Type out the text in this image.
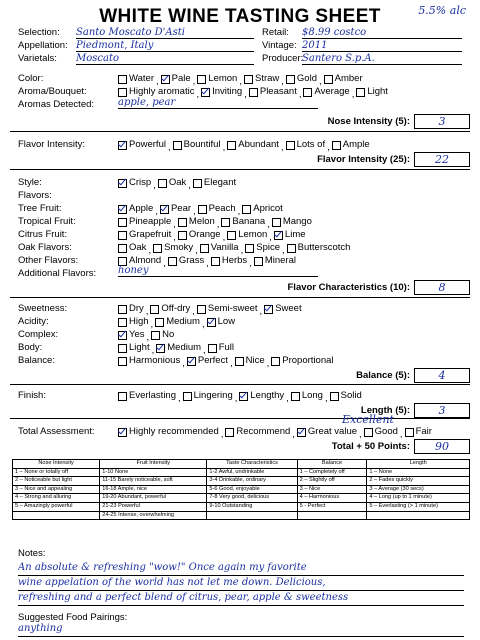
WHITE WINE TASTING SHEET	5.5% alc
Selection: Santo Moscato D'Asti
Appellation: Piedmont, Italy
Varietals: Moscato
Retail: $8.99 costco
Vintage: 2011
Producer:
Santero S.p.A.
Color:	Water , Pale , Lemon , Straw , Gold , Amber
Aroma/Bouquet:	Highly aromatic , Inviting , Pleasant , Average , Light
Aromas Detected: apple, pear
Nose Intensity (5):	3
Flavor Intensity:	Powerful , Bountiful , Abundant , Lots of , Ample
Flavor Intensity (25):	22
Style:	Crisp , Oak , Elegant
Flavors:
Tree Fruit:	Apple , Pear , Peach , Apricot
Tropical Fruit:	Pineapple , Melon , Banana , Mango
Citrus Fruit:	Grapefruit , Orange , Lemon , Lime
Oak Flavors:	Oak , Smoky , Vanilla , Spice , Butterscotch
Other Flavors:	Almond , Grass , Herbs , Mineral
Additional Flavors: honey
Flavor Characteristics (10):	8
Sweetness:	Dry , Off-dry , Semi-sweet , Sweet
Acidity:	High , Medium , Low
Complex:	Yes , No
Body:	Light , Medium , Full
Balance:	Harmonious , Perfect , Nice , Proportional
Balance (5):	4
Finish:	Everlasting , Lingering , Lengthy , Long , Solid
Length (5):	3
Excellent
Total Assessment:	Highly recommended , Recommend , Great value , Good , Fair
Total + 50 Points:	90
Nose Intensity	Fruit Intensity	Taste Characteristics	Balance	Length
1 – None or totally off	1-10 None	1-2 Awful, undrinkable	1 – Completely off	1 – None
2 – Noticeable but light	11-15 Barely noticeable, soft	3-4 Drinkable, ordinary	2 – Slightly off	2 – Fades quickly
3 – Nice and appealing	16-18 Ample, nice	5-6 Good, enjoyable	3 – Nice	3 – Average (30 secs)
4 – Strong and alluring	19-20 Abundant, powerful	7-8 Very good, delicious	4 – Harmonious	4 – Long (up to 1 minute)
5 – Amazingly powerful	21-23 Powerful	9-10 Outstanding	5 - Perfect	5 – Everlasting (> 1 minute)
	24-25 Intense, overwhelming			
Notes:
An absolute & refreshing "wow!" Once again my favorite
wine appelation of the world has not let me down. Delicious,
refreshing and a perfect blend of citrus, pear, apple & sweetness
Suggested Food Pairings:
anything
